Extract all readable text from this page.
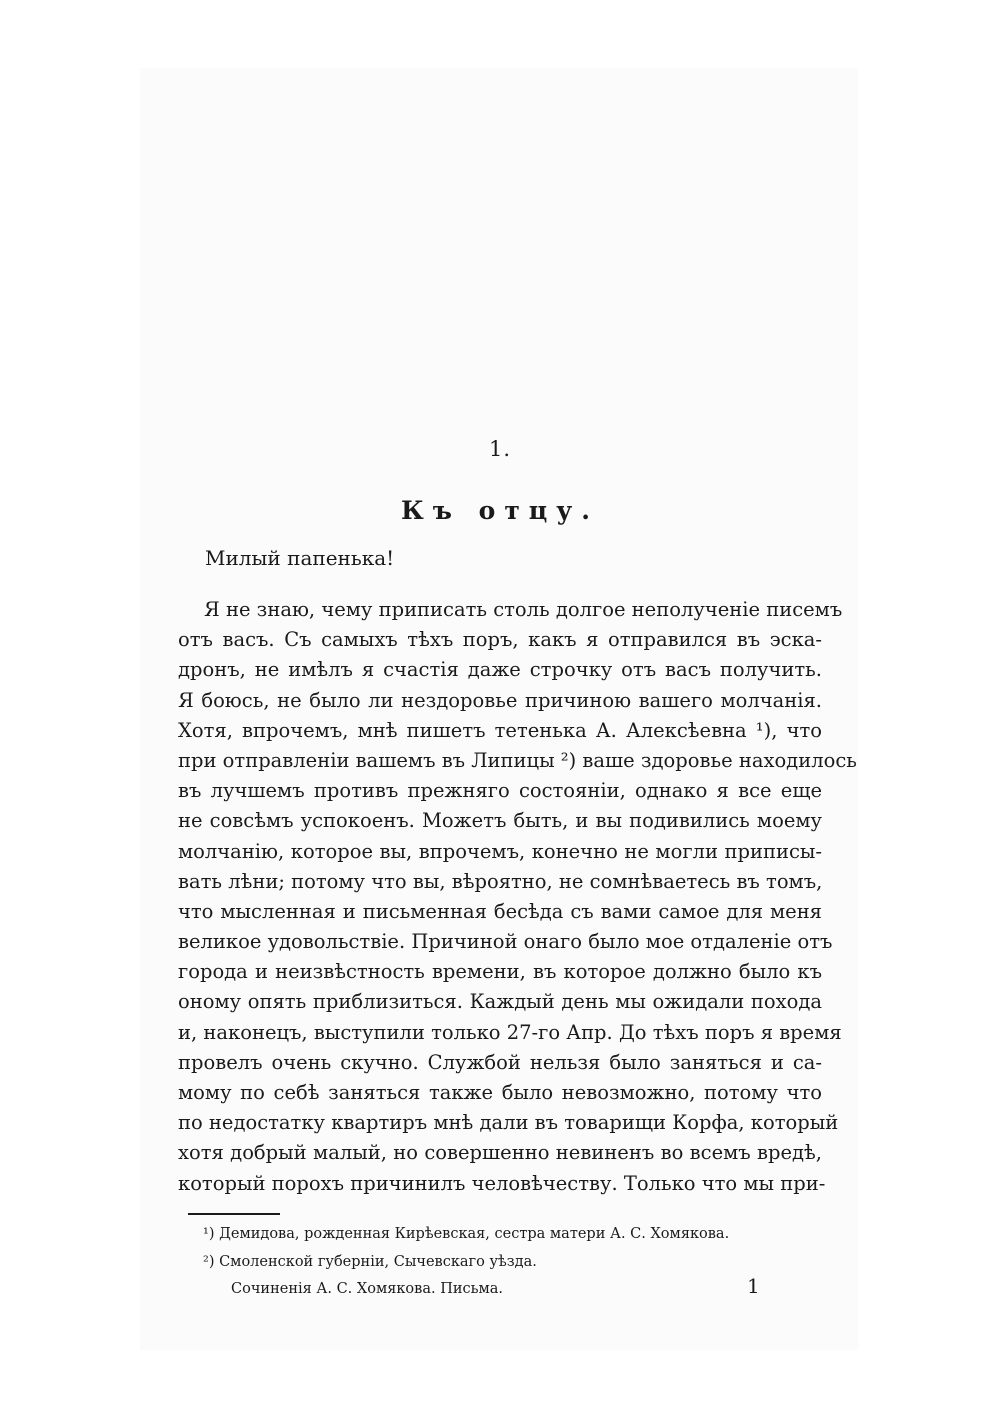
1.
Къ отцу.
Милый папенька!
Я не знаю, чему приписать столь долгое неполученіе писемъ
отъ васъ. Съ самыхъ тѣхъ поръ, какъ я отправился въ эска-
дронъ, не имѣлъ я счастія даже строчку отъ васъ получить.
Я боюсь, не было ли нездоровье причиною вашего молчанія.
Хотя, впрочемъ, мнѣ пишетъ тетенька А. Алексѣевна ¹), что
при отправленіи вашемъ въ Липицы ²) ваше здоровье находилось
въ лучшемъ противъ прежняго состояніи, однако я все еще
не совсѣмъ успокоенъ. Можетъ быть, и вы подивились моему
молчанію, которое вы, впрочемъ, конечно не могли приписы-
вать лѣни; потому что вы, вѣроятно, не сомнѣваетесь въ томъ,
что мысленная и письменная бесѣда съ вами самое для меня
великое удовольствіе. Причиной онаго было мое отдаленіе отъ
города и неизвѣстность времени, въ которое должно было къ
оному опять приблизиться. Каждый день мы ожидали похода
и, наконецъ, выступили только 27-го Апр. До тѣхъ поръ я время
провелъ очень скучно. Службой нельзя было заняться и са-
мому по себѣ заняться также было невозможно, потому что
по недостатку квартиръ мнѣ дали въ товарищи Корфа, который
хотя добрый малый, но совершенно невиненъ во всемъ вредѣ,
который порохъ причинилъ человѣчеству. Только что мы при-
¹) Демидова, рожденная Кирѣевская, сестра матери А. С. Хомякова.
²) Смоленской губерніи, Сычевскаго уѣзда.
Сочиненія А. С. Хомякова. Письма.	1
